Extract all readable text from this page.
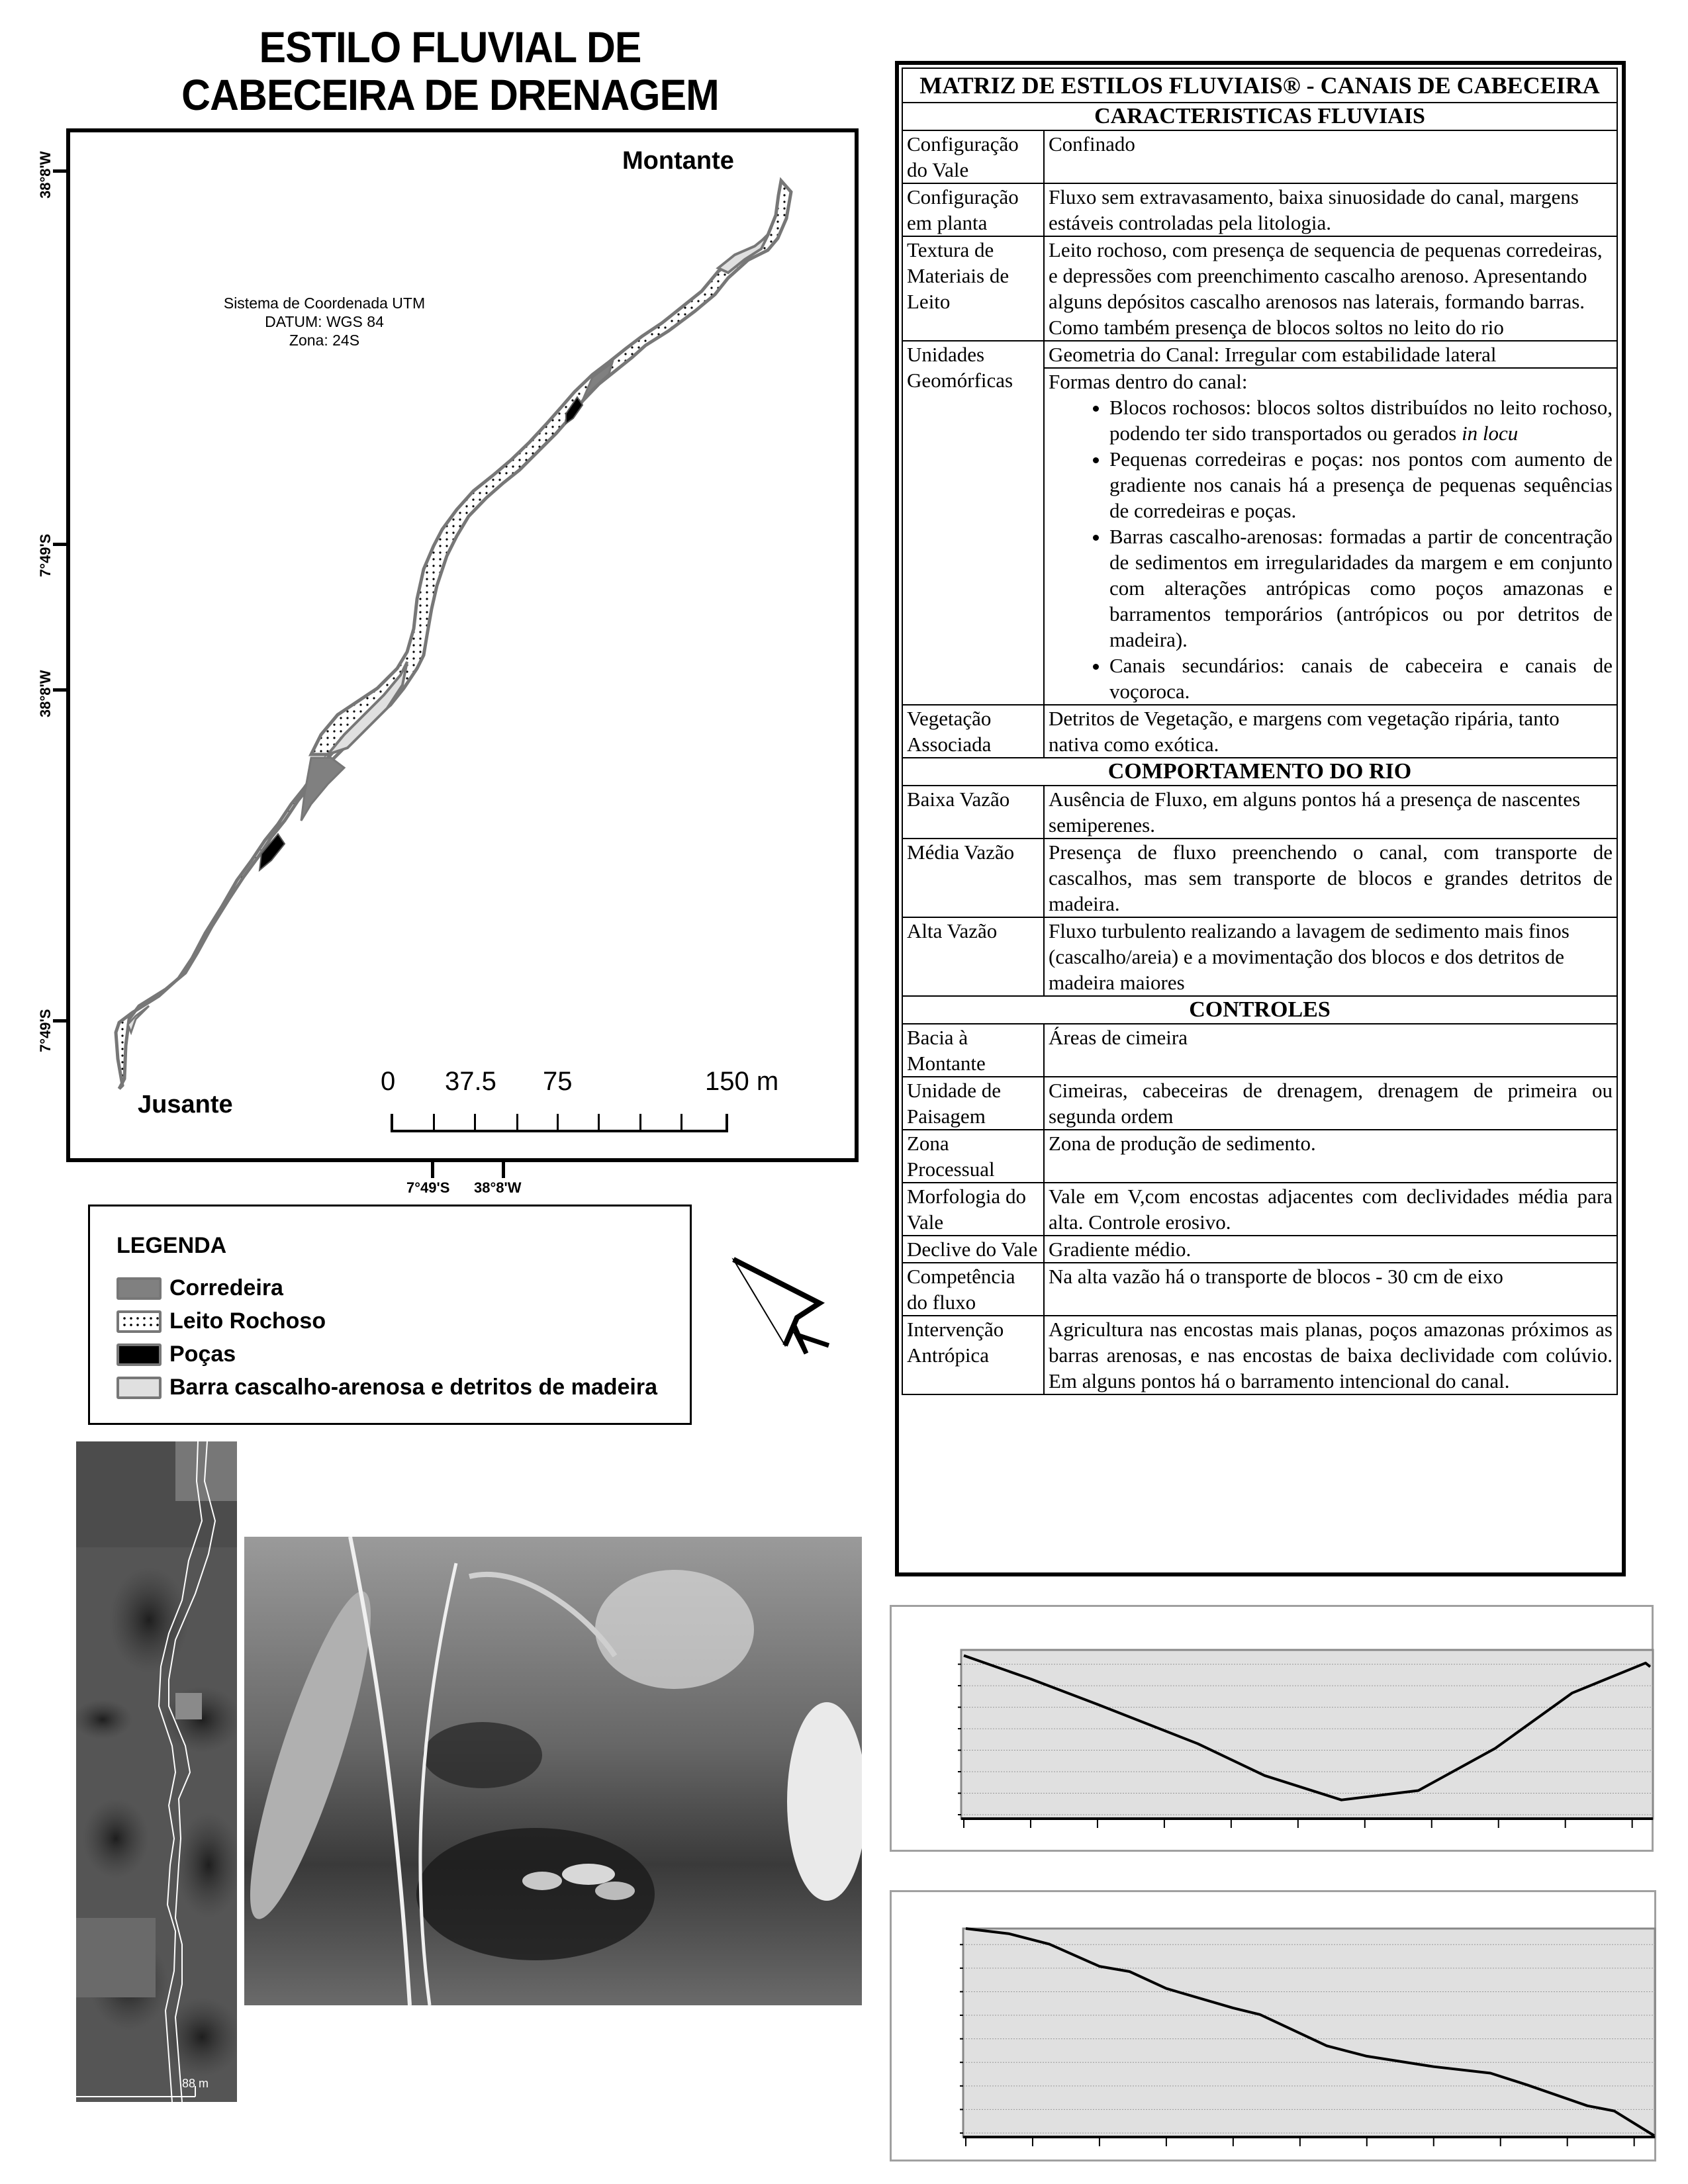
ESTILO FLUVIAL DE
CABECEIRA DE DRENAGEM
38°8'W
7°49'S
38°8'W
7°49'S
Montante
Jusante
Sistema de Coordenada UTM
DATUM: WGS 84
Zona: 24S
0 37.5 75	150 m
7°49'S 38°8'W
LEGENDA
Corredeira
Leito Rochoso
Poças
Barra cascalho-arenosa e detritos de madeira
88 m
MATRIZ DE ESTILOS FLUVIAIS® - CANAIS DE CABECEIRA	
CARACTERISTICAS FLUVIAIS	
Configuração do Vale	Confinado
Configuração em planta	Fluxo sem extravasamento, baixa sinuosidade do canal, margens estáveis controladas pela litologia.
Textura de Materiais de Leito	Leito rochoso, com presença de sequencia de pequenas corredeiras, e depressões com preenchimento cascalho arenoso. Apresentando alguns depósitos cascalho arenosos nas laterais, formando barras. Como também presença de blocos soltos no leito do rio
Unidades Geomórficas	Geometria do Canal: Irregular com estabilidade lateral

Formas dentro do canal:
• Blocos rochosos: blocos soltos distribuídos no leito rochoso, podendo ter sido transportados ou gerados in locu
• Pequenas corredeiras e poças: nos pontos com aumento de gradiente nos canais há a presença de pequenas sequências de corredeiras e poças.
• Barras cascalho-arenosas: formadas a partir de concentração de sedimentos em irregularidades da margem e em conjunto com alterações antrópicas como poços amazonas e barramentos temporários (antrópicos ou por detritos de madeira).
• Canais secundários: canais de cabeceira e canais de voçoroca.

Vegetação Associada	Detritos de Vegetação, e margens com vegetação ripária, tanto nativa como exótica.
COMPORTAMENTO DO RIO	
Baixa Vazão	Ausência de Fluxo, em alguns pontos há a presença de nascentes semiperenes.
Média Vazão	Presença de fluxo preenchendo o canal, com transporte de cascalhos, mas sem transporte de blocos e grandes detritos de madeira.
Alta Vazão	Fluxo turbulento realizando a lavagem de sedimento mais finos (cascalho/areia) e a movimentação dos blocos e dos detritos de madeira maiores
CONTROLES	
Bacia à Montante	Áreas de cimeira
Unidade de Paisagem	Cimeiras, cabeceiras de drenagem, drenagem de primeira ou segunda ordem
Zona Processual	Zona de produção de sedimento.
Morfologia do Vale	Vale em V,com encostas adjacentes com declividades média para alta. Controle erosivo.
Declive do Vale	Gradiente médio.
Competência do fluxo	Na alta vazão há o transporte de blocos - 30 cm de eixo
Intervenção Antrópica	Agricultura nas encostas mais planas, poços amazonas próximos as barras arenosas, e nas encostas de baixa declividade com colúvio. Em alguns pontos há o barramento intencional do canal.
